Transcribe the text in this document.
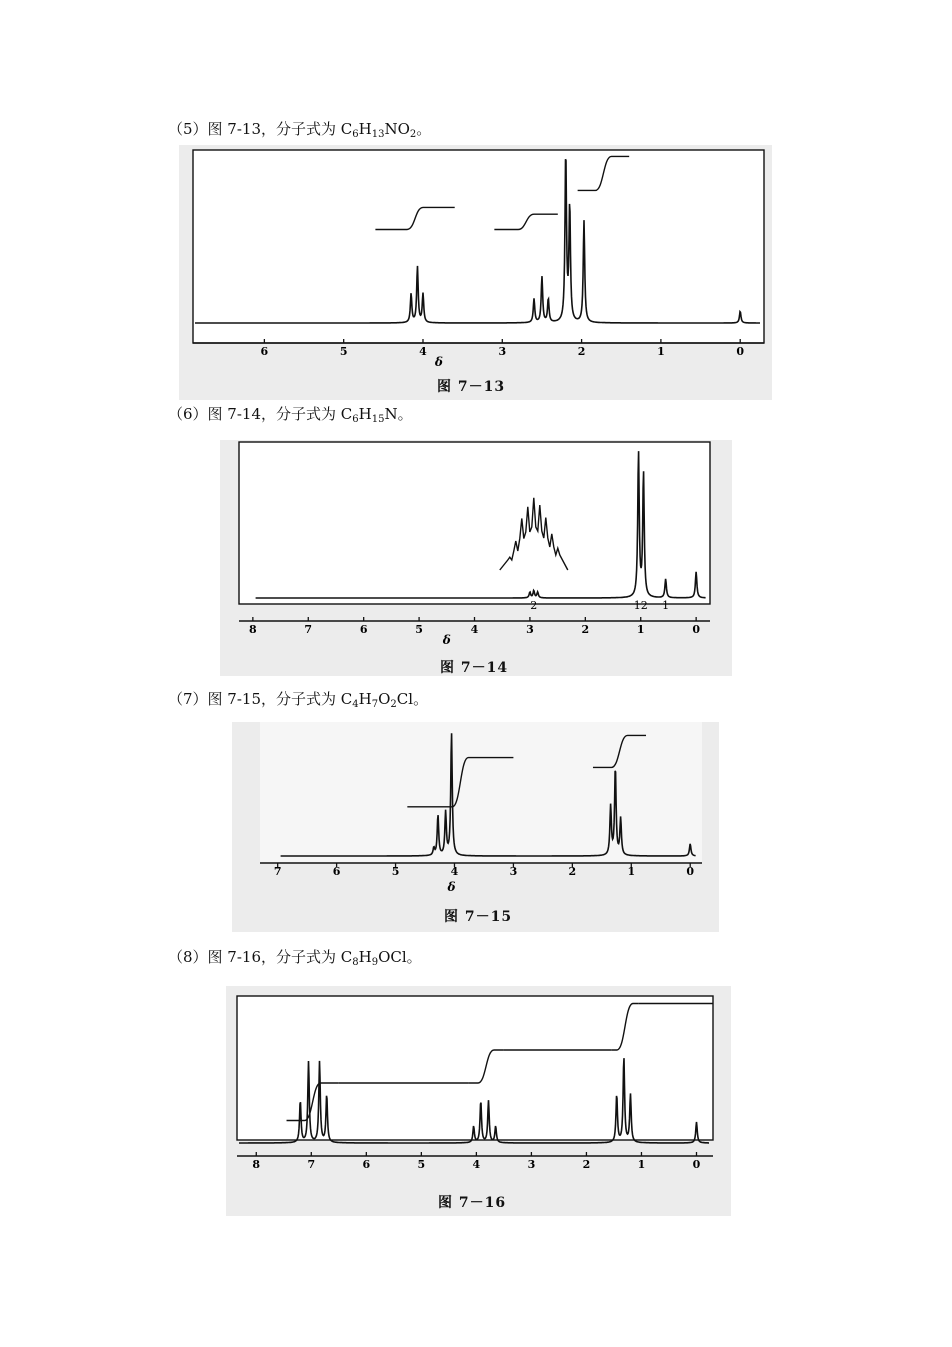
（5）图 7-13，分子式为 $C_6H_{13}NO_2$。
（6）图 7-14，分子式为 $C_6H_{15}N$。
（7）图 7-15，分子式为 $C_4H_7O_2Cl$。
（8）图 7-16，分子式为 $C_8H_9OCl$。
6	5	4	3	2	1	0
δ
图 7－13
8	7	6	5	4	3	2	1	0
δ
2	12 1
图 7－14
7	6	5	4	3	2	1	0
δ
图 7－15
8	7	6	5	4	3	2	1	0
图 7－16
